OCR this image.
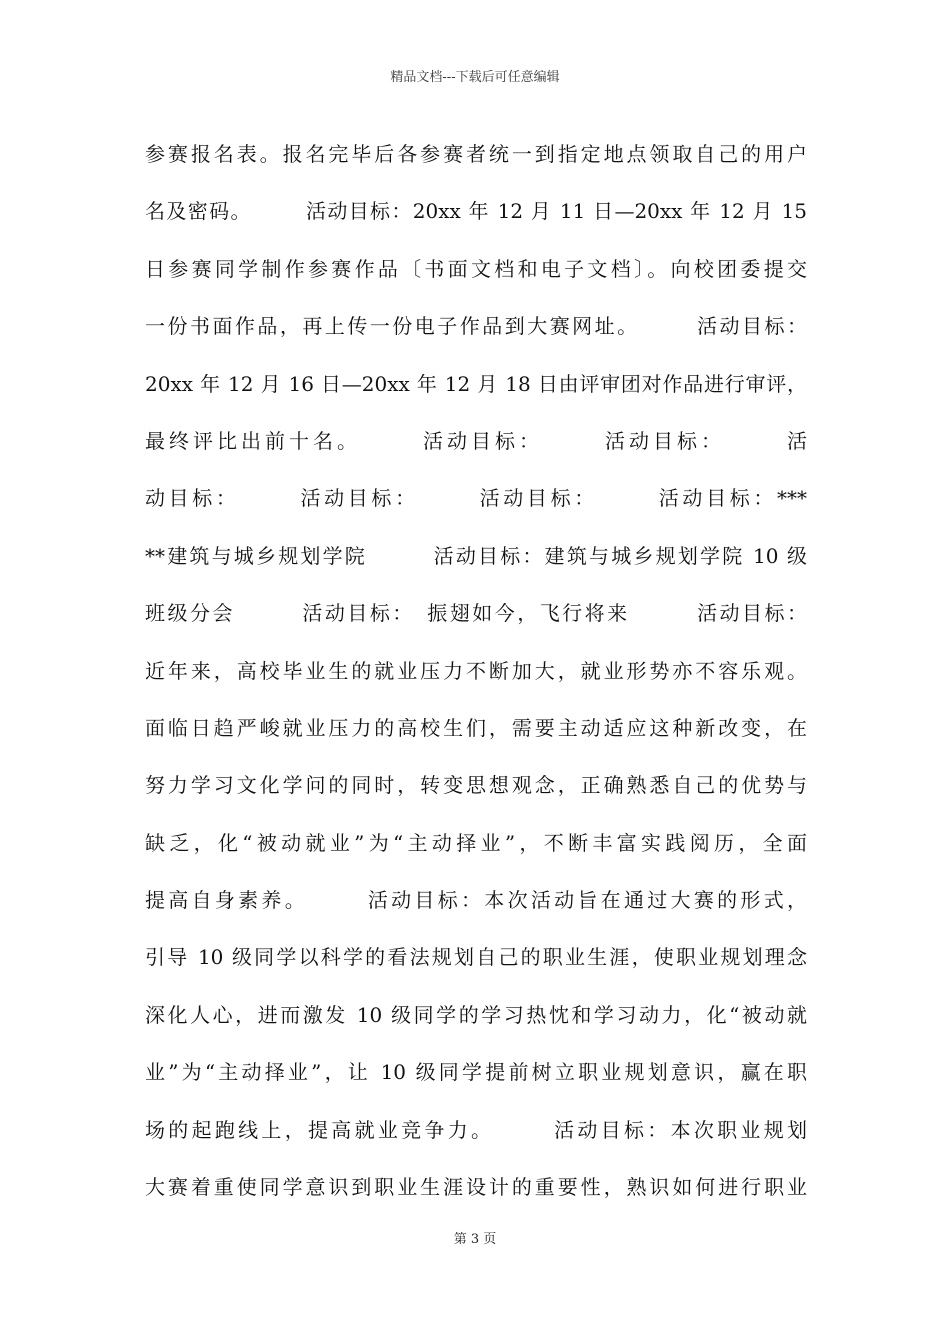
精品文档---下载后可任意编辑
参赛报名表。报名完毕后各参赛者统一到指定地点领取自己的用户
名及密码。　　　活动目标：20xx 年 12 月 11 日—20xx 年 12 月 15
日参赛同学制作参赛作品〔书面文档和电子文档〕。向校团委提交
一份书面作品，再上传一份电子作品到大赛网址。　　　活动目标：
20xx 年 12 月 16 日—20xx 年 12 月 18 日由评审团对作品进行审评，
最终评比出前十名。　　　活动目标：　　　活动目标：　　　活
动目标：　　　活动目标：　　　活动目标：　　　活动目标：***
**建筑与城乡规划学院　　　活动目标：建筑与城乡规划学院 10 级
班级分会　　　活动目标：　振翅如今，飞行将来　　　活动目标：
近年来，高校毕业生的就业压力不断加大，就业形势亦不容乐观。
面临日趋严峻就业压力的高校生们，需要主动适应这种新改变，在
努力学习文化学问的同时，转变思想观念，正确熟悉自己的优势与
缺乏，化“被动就业”为“主动择业”，不断丰富实践阅历，全面
提高自身素养。　　　活动目标：本次活动旨在通过大赛的形式，
引导 10 级同学以科学的看法规划自己的职业生涯，使职业规划理念
深化人心，进而激发 10 级同学的学习热忱和学习动力，化“被动就
业”为“主动择业”，让 10 级同学提前树立职业规划意识，赢在职
场的起跑线上，提高就业竞争力。　　　活动目标：本次职业规划
大赛着重使同学意识到职业生涯设计的重要性，熟识如何进行职业
第 3 页
